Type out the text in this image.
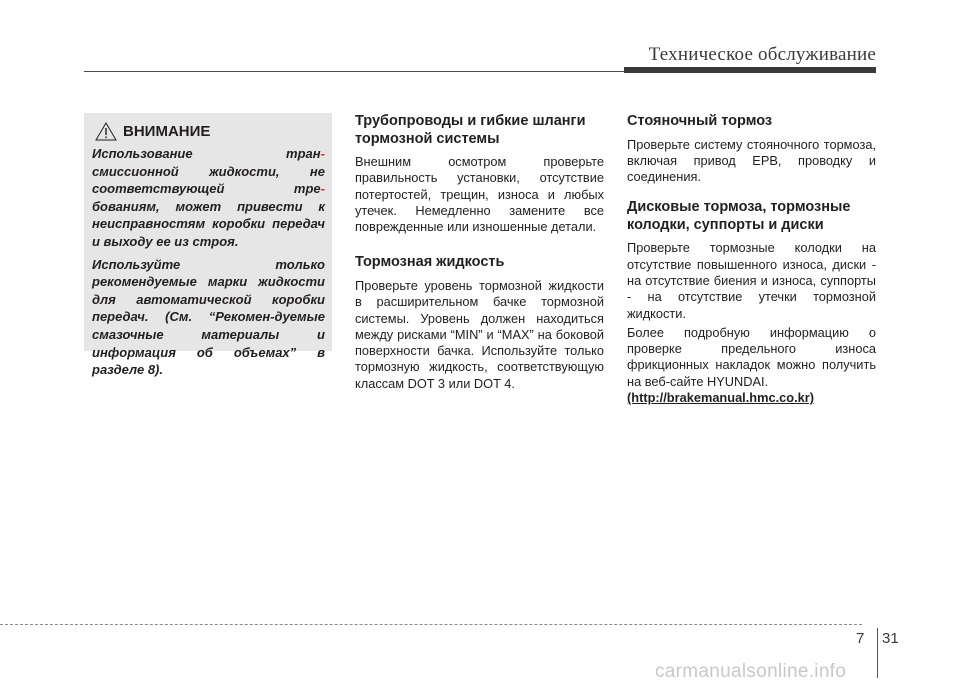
Техническое обслуживание
ВНИМАНИЕ

Использование тран- смиссионной жидкости, не соответствующей тре- бованиям, может привести к неисправностям коробки передач и выходу ее из строя.

Используйте только рекомендуемые марки жидкости для автоматической коробки передач. (См. “Рекомен-дуемые смазочные материалы и информация об объемах” в разделе 8).

Трубопроводы и гибкие шланги тормозной системы

Внешним осмотром проверьте правильность установки, отсутствие потертостей, трещин, износа и любых утечек. Немедленно замените все поврежденные или изношенные детали.

Тормозная жидкость

Проверьте уровень тормозной жидкости в расширительном бачке тормозной системы. Уровень должен находиться между рисками “MIN” и “MAX” на боковой поверхности бачка. Используйте только тормозную жидкость, соответствующую классам DOT 3 или DOT 4.

Стояночный тормоз

Проверьте систему стояночного тормоза, включая привод EPB, проводку и соединения.

Дисковые тормоза, тормозные колодки, суппорты и диски

Проверьте тормозные колодки на отсутствие повышенного износа, диски - на отсутствие биения и износа, суппорты - на отсутствие утечки тормозной жидкости.

Более подробную информацию о проверке предельного износа фрикционных накладок можно получить на веб-сайте HYUNDAI.

(http://brakemanual.hmc.co.kr)
7 31
carmanualsonline.info
